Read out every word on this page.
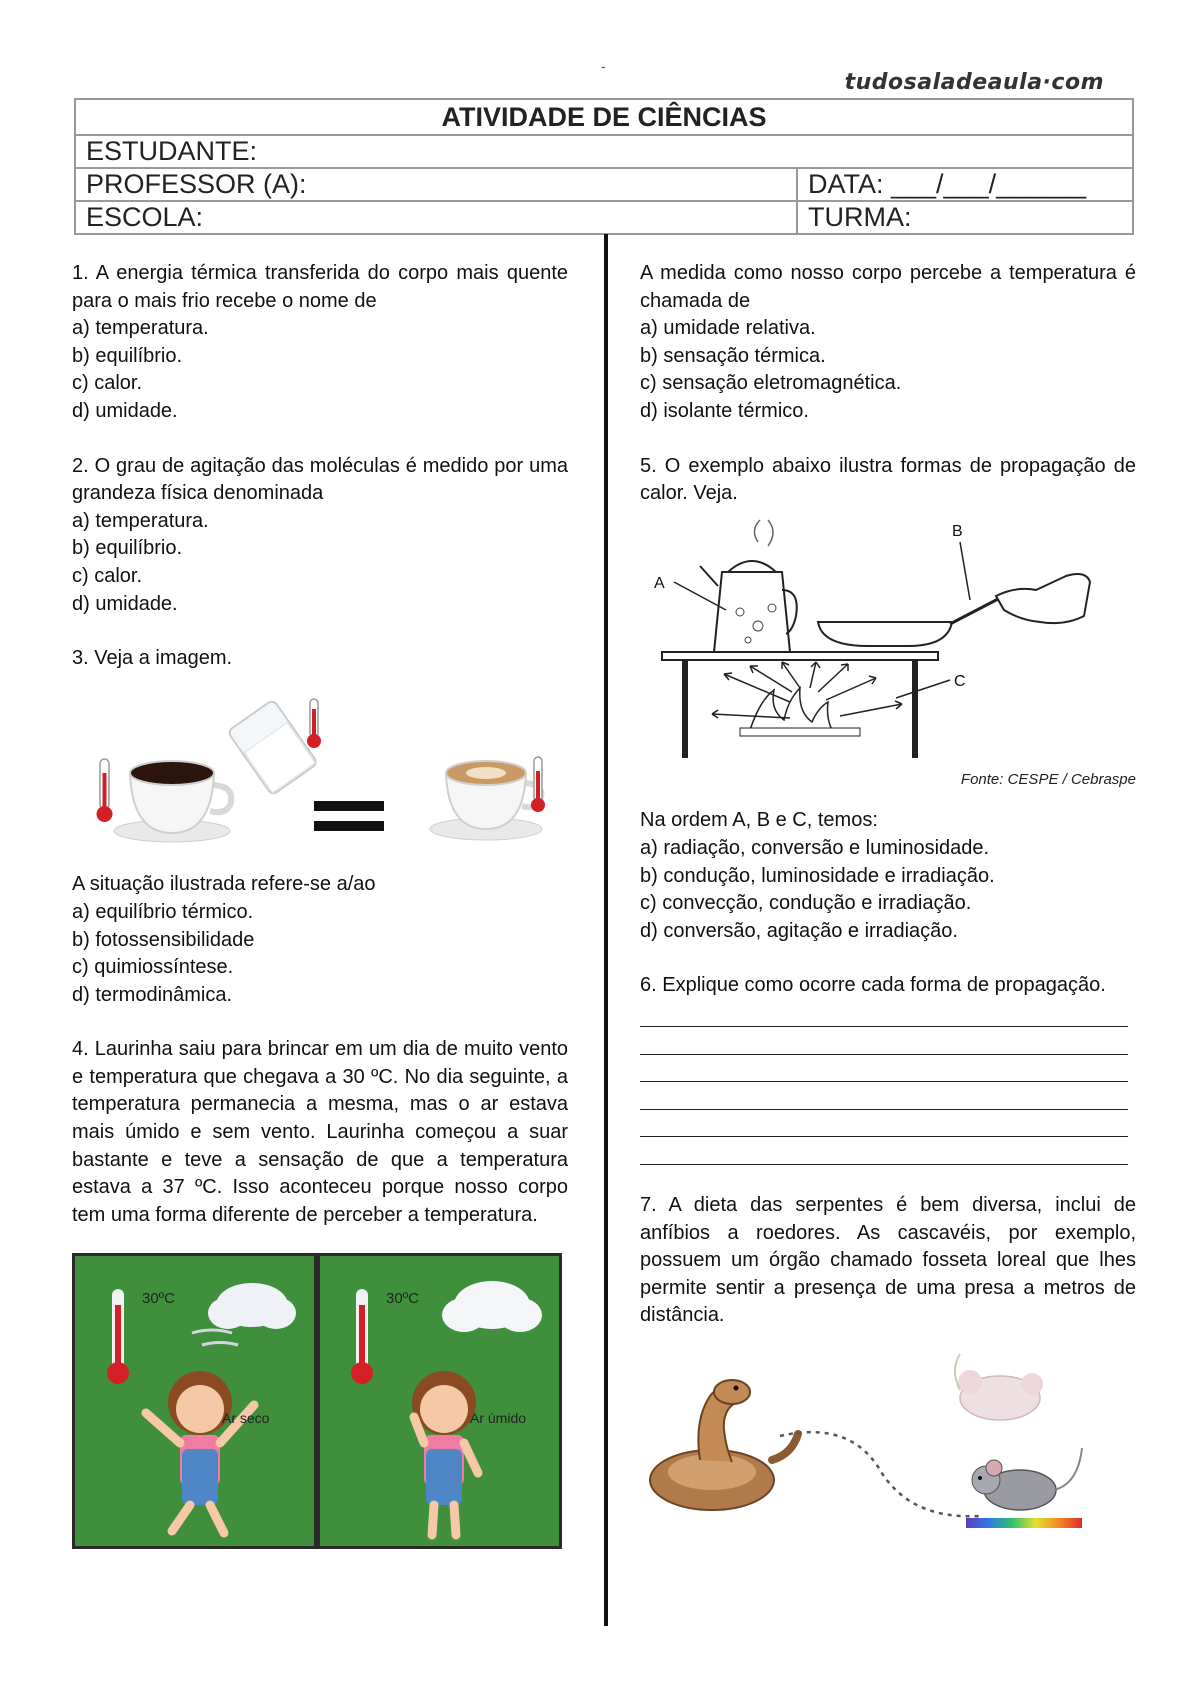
-
tudosaladeaula·com
ATIVIDADE DE CIÊNCIAS	
ESTUDANTE:	
PROFESSOR (A):	DATA: ___/___/______
ESCOLA:	TURMA:

1. A energia térmica transferida do corpo mais quente para o mais frio recebe o nome de

a) temperatura.
b) equilíbrio.
c) calor.
d) umidade.

2. O grau de agitação das moléculas é medido por uma grandeza física denominada

a) temperatura.
b) equilíbrio.
c) calor.
d) umidade.

3. Veja a imagem.

A situação ilustrada refere-se a/ao

a) equilíbrio térmico.
b) fotossensibilidade
c) quimiossíntese.
d) termodinâmica.

4. Laurinha saiu para brincar em um dia de muito vento e temperatura que chegava a 30 ºC. No dia seguinte, a temperatura permanecia a mesma, mas o ar estava mais úmido e sem vento. Laurinha começou a suar bastante e teve a sensação de que a temperatura estava a 37 ºC. Isso aconteceu porque nosso corpo tem uma forma diferente de perceber a temperatura.

30ºC
Ar seco
30ºC
Ar úmido

A medida como nosso corpo percebe a temperatura é chamada de

a) umidade relativa.
b) sensação térmica.
c) sensação eletromagnética.
d) isolante térmico.

5. O exemplo abaixo ilustra formas de propagação de calor. Veja.

A
B
C
Fonte: CESPE / Cebraspe

Na ordem A, B e C, temos:

a) radiação, conversão e luminosidade.
b) condução, luminosidade e irradiação.
c) convecção, condução e irradiação.
d) conversão, agitação e irradiação.

6. Explique como ocorre cada forma de propagação.

7. A dieta das serpentes é bem diversa, inclui de anfíbios a roedores. As cascavéis, por exemplo, possuem um órgão chamado fosseta loreal que lhes permite sentir a presença de uma presa a metros de distância.
